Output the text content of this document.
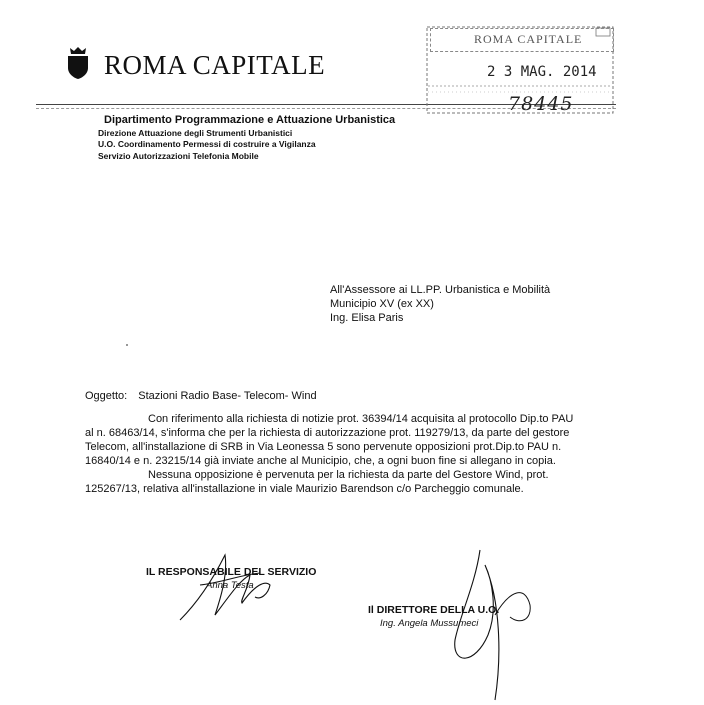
ROMA CAPITALE
ROMA CAPITALE
2 3 MAG. 2014
78445
Dipartimento Programmazione e Attuazione Urbanistica
Direzione Attuazione degli Strumenti Urbanistici
U.O. Coordinamento Permessi di costruire a Vigilanza
Servizio Autorizzazioni Telefonia Mobile
All'Assessore ai LL.PP. Urbanistica e Mobilità
Municipio XV (ex XX)
Ing. Elisa Paris
Oggetto: Stazioni Radio Base- Telecom- Wind
Con riferimento alla richiesta di notizie prot. 36394/14 acquisita al protocollo Dip.to PAU
al n. 68463/14, s'informa che per la richiesta di autorizzazione prot. 119279/13, da parte del gestore
Telecom, all'installazione di SRB in Via Leonessa 5 sono pervenute opposizioni prot.Dip.to PAU n.
16840/14 e n. 23215/14 già inviate anche al Municipio, che, a ogni buon fine si allegano in copia.
Nessuna opposizione è pervenuta per la richiesta da parte del Gestore Wind, prot.
125267/13, relativa all'installazione in viale Maurizio Barendson c/o Parcheggio comunale.
IL RESPONSABILE DEL SERVIZIO
Anna Testa
Il DIRETTORE DELLA U.O.
Ing. Angela Mussumeci
